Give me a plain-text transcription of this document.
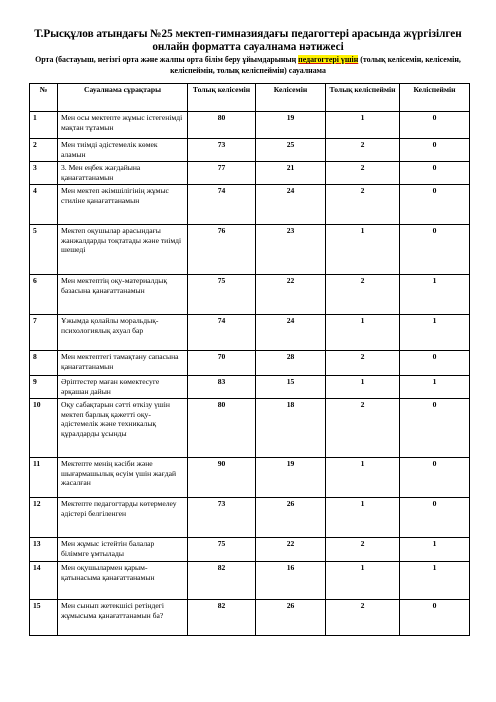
Т.Рысқұлов атындағы №25 мектеп-гимназиядағы педагогтері арасында жүргізілген онлайн форматта сауалнама нәтижесі
Орта (бастауыш, негізгі орта және жалпы орта білім беру ұйымдарының педагогтері үшін (толық келісемін, келісемін, келіспеймін, толық келіспеймін) сауалнама
№	Сауалнама сұрақтары	Толық келісемін	Келісемін	Толық келіспеймін	Келіспеймін
1	Мен осы мектепте жұмыс істегенімді мақтан тұтамын	80	19	1	0
2	Мен тиімді әдістемелік көмек аламын	73	25	2	0
3	3. Мен еңбек жағдайына қанағаттанамын	77	21	2	0
4	Мен мектеп әкімшілігінің жұмыс стиліне қанағаттанамын	74	24	2	0
5	Мектеп оқушылар арасындағы жанжалдарды тоқтатады және тиімді шешеді	76	23	1	0
6	Мен мектептің оқу-материалдық базасына қанағаттанамын	75	22	2	1
7	Ұжымда қолайлы моральдық-психологиялық ахуал бар	74	24	1	1
8	Мен мектептегі тамақтану сапасына қанағаттанамын	70	28	2	0
9	Әріптестер маған көмектесуге әрқашан дайын	83	15	1	1
10	Оқу сабақтарын сәтті өткізу үшін мектеп барлық қажетті оқу-әдістемелік және техникалық құралдарды ұсынды	80	18	2	0
11	Мектепте менің кәсіби және шығармашылық өсуім үшін жағдай жасалған	90	19	1	0
12	Мектепте педагогтарды көтермелеу әдістері белгіленген	73	26	1	0
13	Мен жұмыс істейтін балалар біліммге ұмтылады	75	22	2	1
14	Мен оқушылармен қарым-қатынасыма қанағаттанамын	82	16	1	1
15	Мен сынып жетекшісі ретіндегі жұмысыма қанағаттанамын ба?	82	26	2	0
